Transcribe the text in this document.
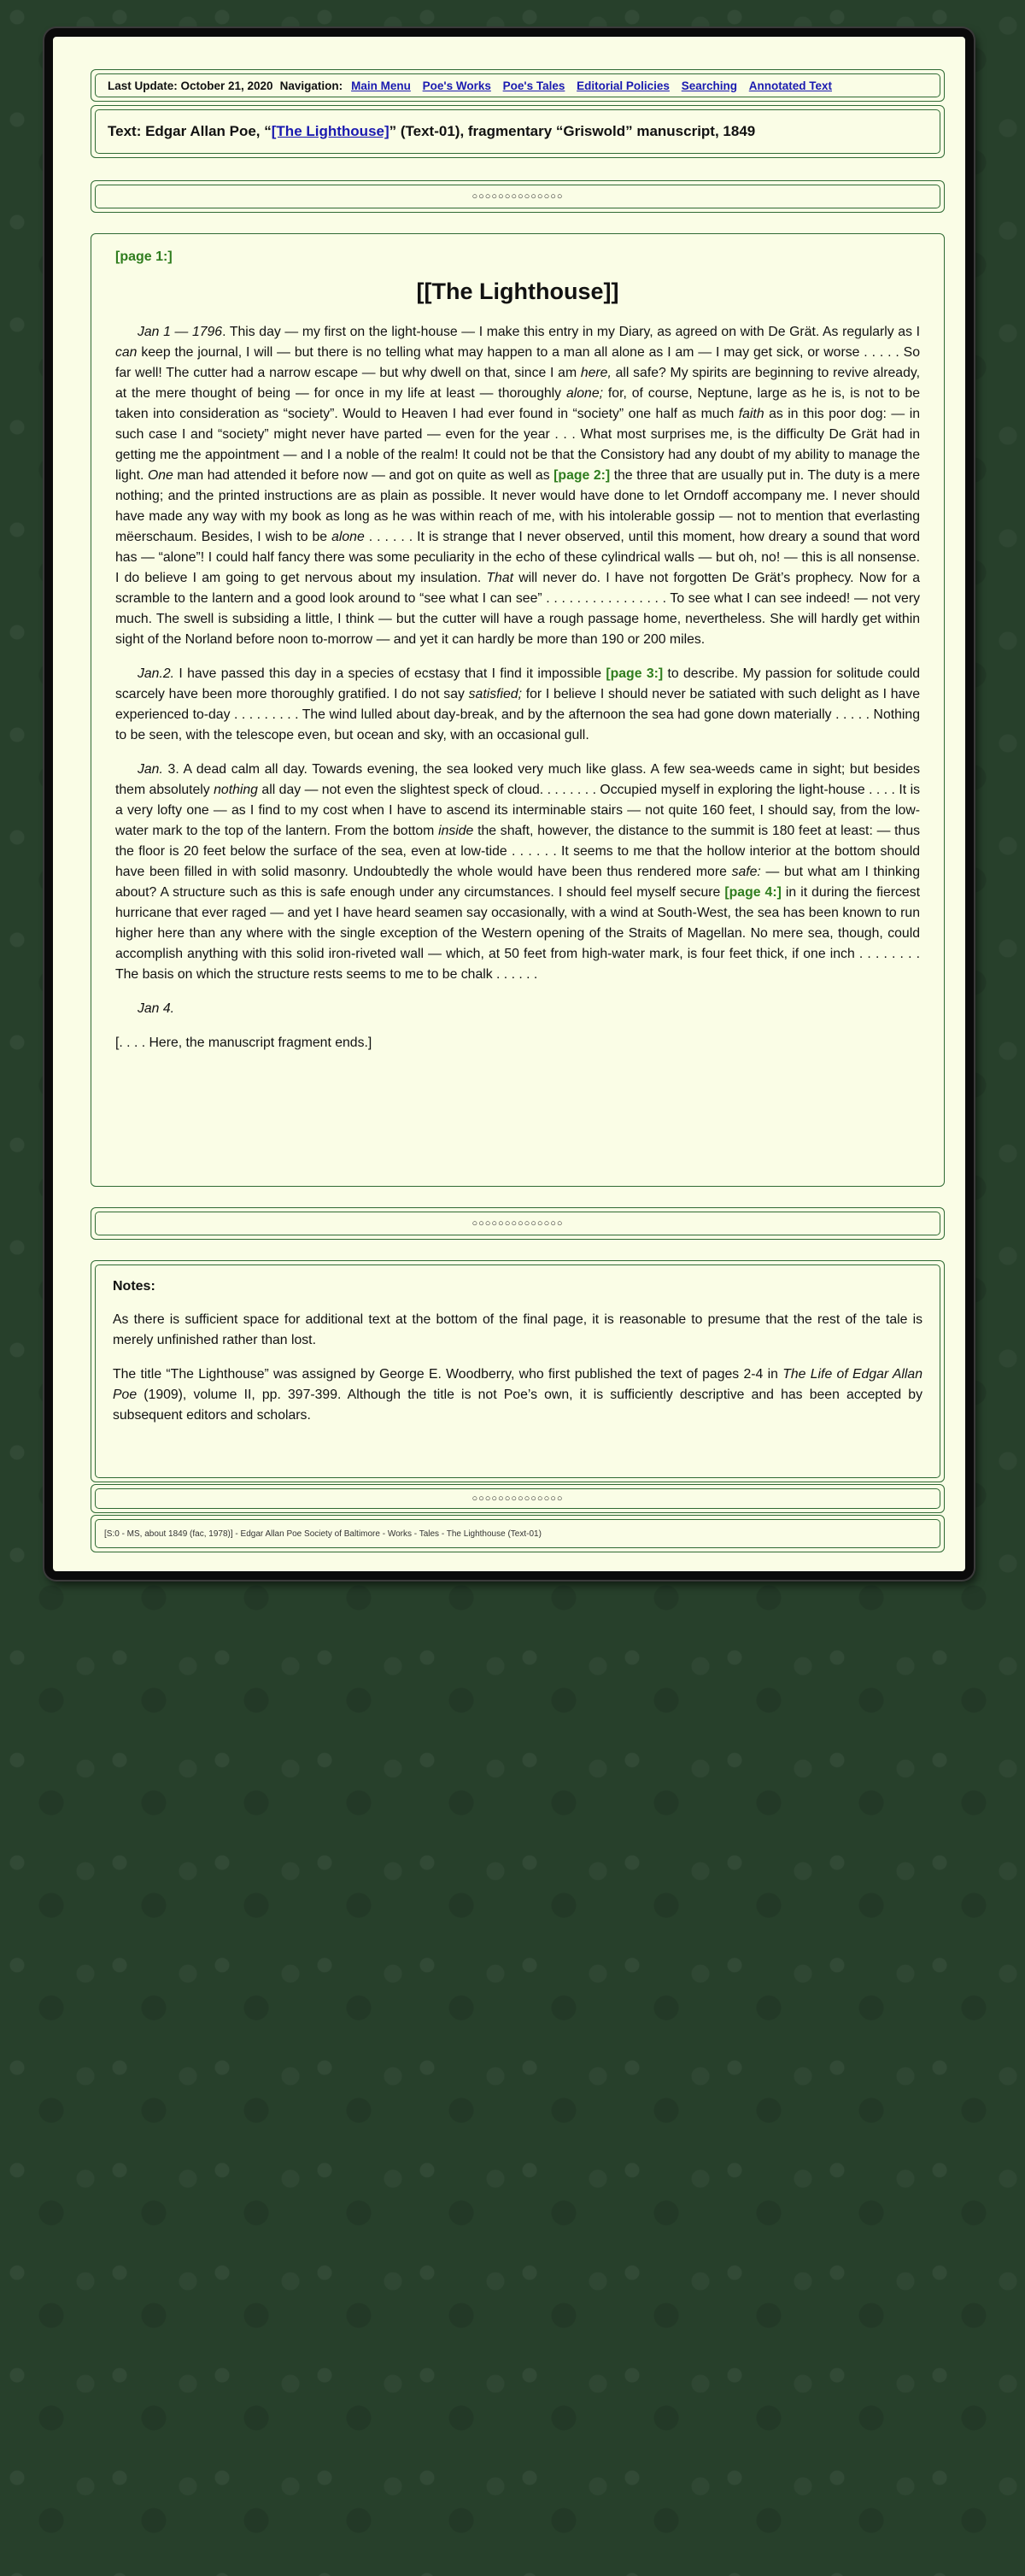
Last Update: October 21, 2020 Navigation: Main Menu Poe's Works Poe's Tales Editorial Policies Searching Annotated Text
Text: Edgar Allan Poe, “ [The Lighthouse] ” (Text-01), fragmentary “Griswold” manuscript, 1849
○○○○○○○○○○○○○○
[page 1:]
[[The Lighthouse]]

Jan 1 — 1796. This day — my first on the light-house — I make this entry in my Diary, as agreed on with De Grät. As regularly as I can keep the journal, I will — but there is no telling what may happen to a man all alone as I am — I may get sick, or worse . . . . . So far well! The cutter had a narrow escape — but why dwell on that, since I am here, all safe? My spirits are beginning to revive already, at the mere thought of being — for once in my life at least — thoroughly alone; for, of course, Neptune, large as he is, is not to be taken into consideration as “society”. Would to Heaven I had ever found in “society” one half as much faith as in this poor dog: — in such case I and “society” might never have parted — even for the year . . . What most surprises me, is the difficulty De Grät had in getting me the appointment — and I a noble of the realm! It could not be that the Consistory had any doubt of my ability to manage the light. One man had attended it before now — and got on quite as well as [page 2:] the three that are usually put in. The duty is a mere nothing; and the printed instructions are as plain as possible. It never would have done to let Orndoff accompany me. I never should have made any way with my book as long as he was within reach of me, with his intolerable gossip — not to mention that everlasting mëerschaum. Besides, I wish to be alone . . . . . . It is strange that I never observed, until this moment, how dreary a sound that word has — “alone”! I could half fancy there was some peculiarity in the echo of these cylindrical walls — but oh, no! — this is all nonsense. I do believe I am going to get nervous about my insulation. That will never do. I have not forgotten De Grät’s prophecy. Now for a scramble to the lantern and a good look around to “see what I can see” . . . . . . . . . . . . . . . . To see what I can see indeed! — not very much. The swell is subsiding a little, I think — but the cutter will have a rough passage home, nevertheless. She will hardly get within sight of the Norland before noon to-morrow — and yet it can hardly be more than 190 or 200 miles.

Jan.2. I have passed this day in a species of ecstasy that I find it impossible [page 3:] to describe. My passion for solitude could scarcely have been more thoroughly gratified. I do not say satisfied; for I believe I should never be satiated with such delight as I have experienced to-day . . . . . . . . . The wind lulled about day-break, and by the afternoon the sea had gone down materially . . . . . Nothing to be seen, with the telescope even, but ocean and sky, with an occasional gull.

Jan. 3. A dead calm all day. Towards evening, the sea looked very much like glass. A few sea-weeds came in sight; but besides them absolutely nothing all day — not even the slightest speck of cloud. . . . . . . . Occupied myself in exploring the light-house . . . . It is a very lofty one — as I find to my cost when I have to ascend its interminable stairs — not quite 160 feet, I should say, from the low-water mark to the top of the lantern. From the bottom inside the shaft, however, the distance to the summit is 180 feet at least: — thus the floor is 20 feet below the surface of the sea, even at low-tide . . . . . . It seems to me that the hollow interior at the bottom should have been filled in with solid masonry. Undoubtedly the whole would have been thus rendered more safe: — but what am I thinking about? A structure such as this is safe enough under any circumstances. I should feel myself secure [page 4:] in it during the fiercest hurricane that ever raged — and yet I have heard seamen say occasionally, with a wind at South-West, the sea has been known to run higher here than any where with the single exception of the Western opening of the Straits of Magellan. No mere sea, though, could accomplish anything with this solid iron-riveted wall — which, at 50 feet from high-water mark, is four feet thick, if one inch . . . . . . . . The basis on which the structure rests seems to me to be chalk . . . . . .

Jan 4.

[. . . . Here, the manuscript fragment ends.]

○○○○○○○○○○○○○○
Notes:

As there is sufficient space for additional text at the bottom of the final page, it is reasonable to presume that the rest of the tale is merely unfinished rather than lost.

The title “The Lighthouse” was assigned by George E. Woodberry, who first published the text of pages 2-4 in The Life of Edgar Allan Poe (1909), volume II, pp. 397-399. Although the title is not Poe’s own, it is sufficiently descriptive and has been accepted by subsequent editors and scholars.

○○○○○○○○○○○○○○
[S:0 - MS, about 1849 (fac, 1978)] - Edgar Allan Poe Society of Baltimore - Works - Tales - The Lighthouse (Text-01)
